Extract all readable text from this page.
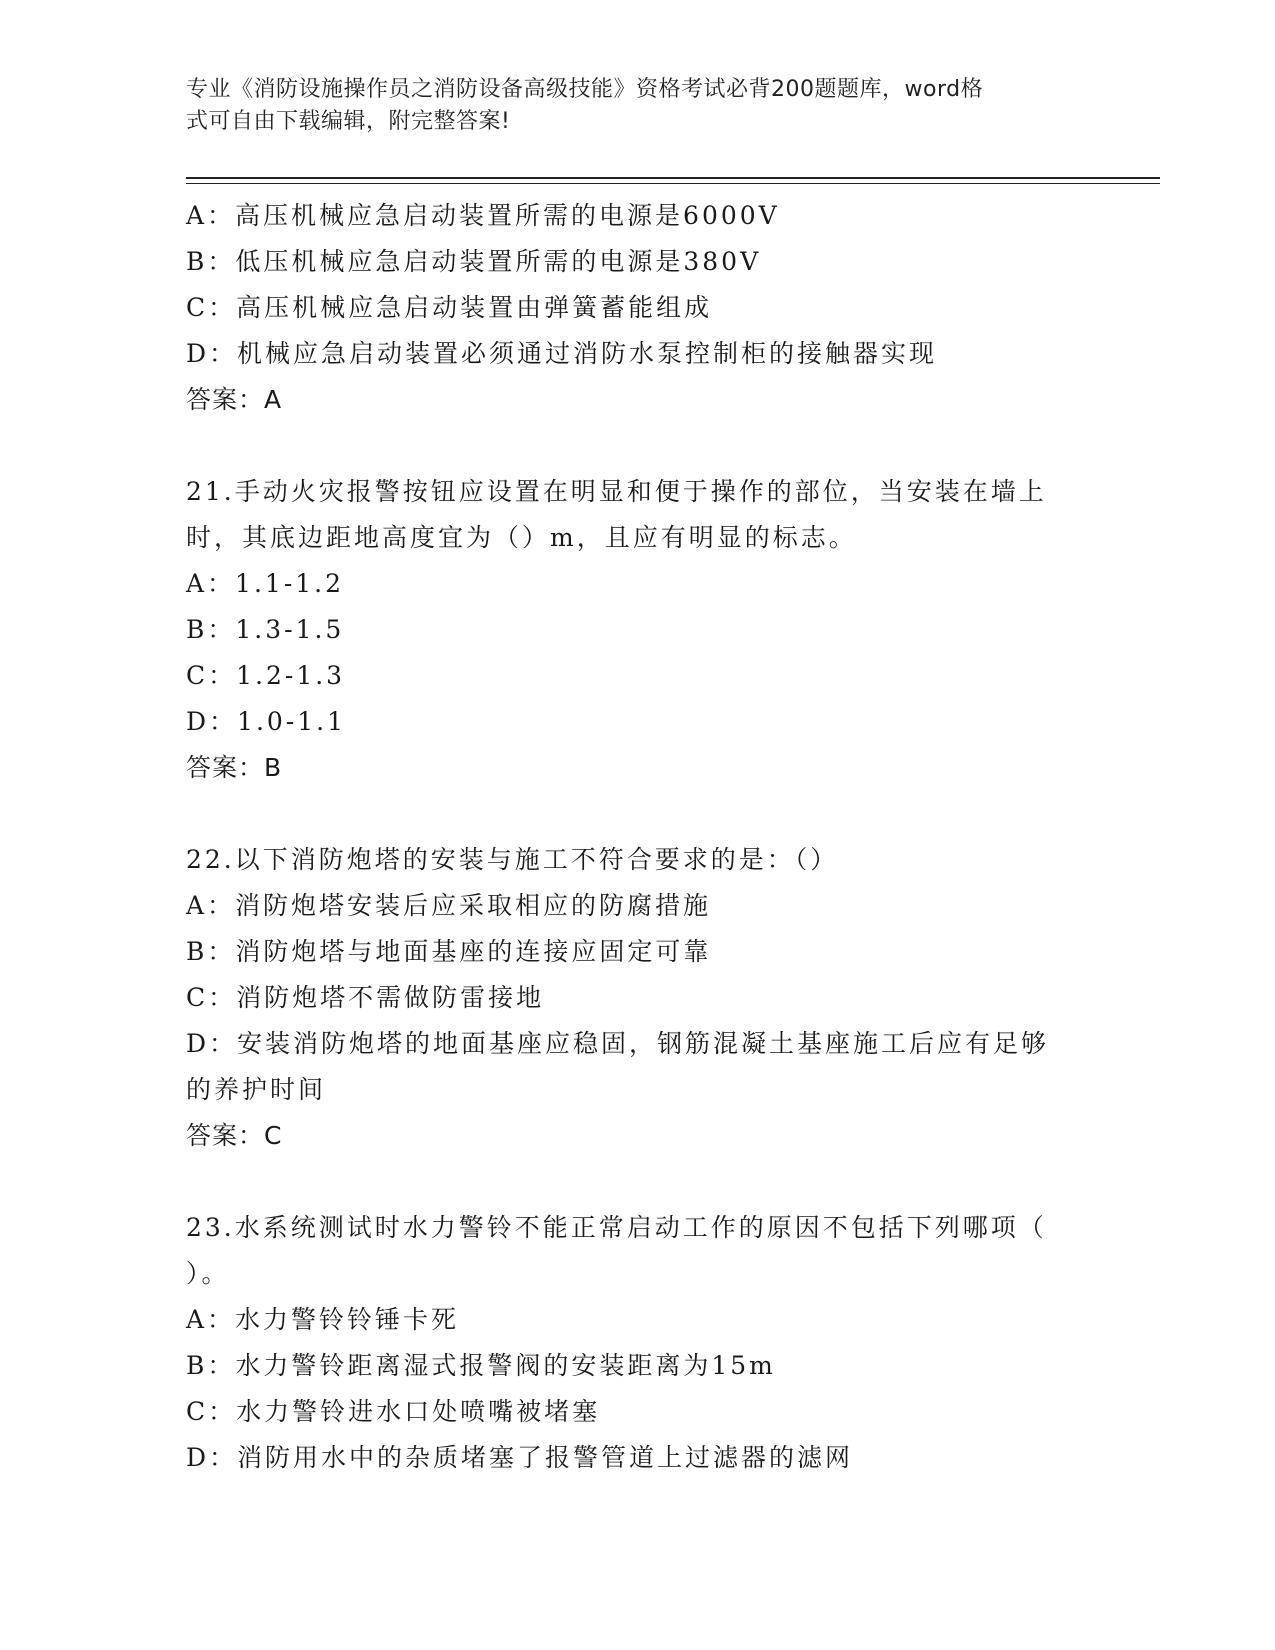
专业《消防设施操作员之消防设备高级技能》资格考试必背200题题库，word格
式可自由下载编辑，附完整答案!
A：高压机械应急启动装置所需的电源是6000V
B：低压机械应急启动装置所需的电源是380V
C：高压机械应急启动装置由弹簧蓄能组成
D：机械应急启动装置必须通过消防水泵控制柜的接触器实现
答案：A
21.手动火灾报警按钮应设置在明显和便于操作的部位，当安装在墙上
时，其底边距地高度宜为（）m，且应有明显的标志。
A：1.1-1.2
B：1.3-1.5
C：1.2-1.3
D：1.0-1.1
答案：B
22.以下消防炮塔的安装与施工不符合要求的是：（）
A：消防炮塔安装后应采取相应的防腐措施
B：消防炮塔与地面基座的连接应固定可靠
C：消防炮塔不需做防雷接地
D：安装消防炮塔的地面基座应稳固，钢筋混凝土基座施工后应有足够
的养护时间
答案：C
23.水系统测试时水力警铃不能正常启动工作的原因不包括下列哪项（
）。
A：水力警铃铃锤卡死
B：水力警铃距离湿式报警阀的安装距离为15m
C：水力警铃进水口处喷嘴被堵塞
D：消防用水中的杂质堵塞了报警管道上过滤器的滤网
